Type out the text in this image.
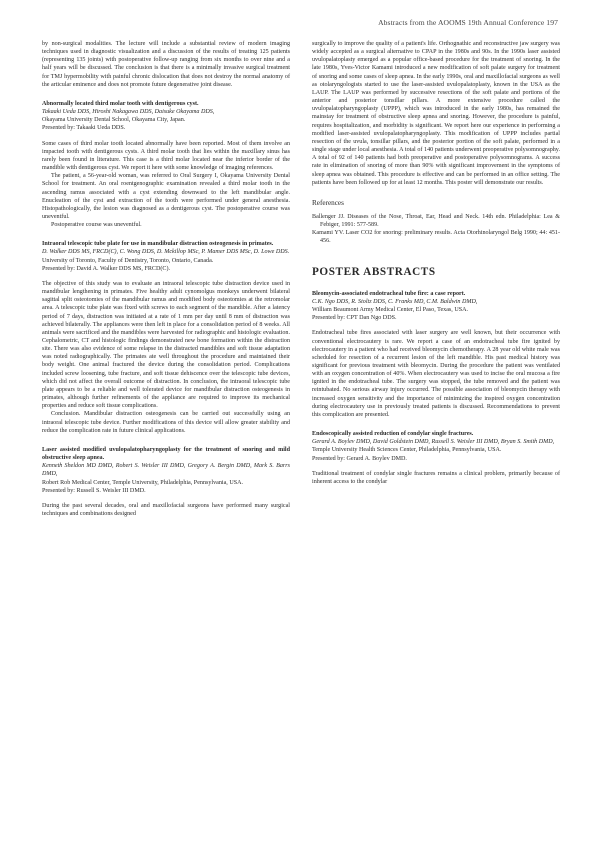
Abstracts from the AOOMS 19th Annual Conference 197

by non-surgical modalities. The lecture will include a substantial review of modern imaging techniques used in diagnostic visualization and a discussion of the results of treating 125 patients (representing 135 joints) with postoperative follow-up ranging from six months to over nine and a half years will be discussed. The conclusion is that there is a minimally invasive surgical treatment for TMJ hypermobility with painful chronic dislocation that does not destroy the normal anatomy of the articular eminence and does not promote future degenerative joint disease.

Abnormally located third molar tooth with dentigerous cyst.

Takaaki Ueda DDS, Hiroshi Nakagawa DDS, Daisuke Okayama DDS,

Okayama University Dental School, Okayama City, Japan.

Presented by: Takaaki Ueda DDS.

Some cases of third molar tooth located abnormally have been reported. Most of them involve an impacted tooth with dentigerous cysts. A third molar tooth that lies within the maxillary sinus has rarely been found in literature. This case is a third molar located near the inferior border of the mandible with dentigerous cyst. We report it here with some knowledge of imaging references.

The patient, a 56-year-old woman, was referred to Oral Surgery I, Okayama University Dental School for treatment. An oral roentgenographic examination revealed a third molar tooth in the ascending ramus associated with a cyst extending downward to the left mandibular angle. Enucleation of the cyst and extraction of the tooth were performed under general anesthesia. Histopathologically, the lesion was diagnosed as a dentigerous cyst. The postoperative course was uneventful.

Postoperative course was uneventful.

Intraoral telescopic tube plate for use in mandibular distraction osteogenesis in primates.

D. Walker DDS MS, FRCD(C), C. Wong DDS, D. Mckillop MSc, P. Mamer DDS MSc, D. Lowe DDS.

University of Toronto, Faculty of Dentistry, Toronto, Ontario, Canada.

Presented by: David A. Walker DDS MS, FRCD(C).

The objective of this study was to evaluate an intraoral telescopic tube distraction device used in mandibular lengthening in primates. Five healthy adult cynomolgus monkeys underwent bilateral sagittal split osteotomies of the mandibular ramus and modified body osteotomies at the retromolar area. A telescopic tube plate was fixed with screws to each segment of the mandible. After a latency period of 7 days, distraction was initiated at a rate of 1 mm per day until 8 mm of distraction was achieved bilaterally. The appliances were then left in place for a consolidation period of 8 weeks. All animals were sacrificed and the mandibles were harvested for radiographic and histologic evaluation. Cephalometric, CT and histologic findings demonstrated new bone formation within the distraction site. There was also evidence of some relapse in the distracted mandibles and soft tissue adaptation was noted radiographically. The primates ate well throughout the procedure and maintained their body weight. One animal fractured the device during the consolidation period. Complications included screw loosening, tube fracture, and soft tissue dehiscence over the telescopic tube devices, which did not affect the overall outcome of distraction. In conclusion, the intraoral telescopic tube plate appears to be a reliable and well tolerated device for mandibular distraction osteogenesis in primates, although further refinements of the appliance are required to improve its mechanical properties and reduce soft tissue complications.

Conclusion. Mandibular distraction osteogenesis can be carried out successfully using an intraoral telescopic tube device. Further modifications of this device will allow greater stability and reduce the complication rate in future clinical applications.

Laser assisted modified uvulopalatopharyngoplasty for the treatment of snoring and mild obstructive sleep apnea.

Kenneth Sheldon MD DMD, Robert S. Weisler III DMD, Gregory A. Bergin DMD, Mark S. Barrs DMD,

Robert Rob Medical Center, Temple University, Philadelphia, Pennsylvania, USA.

Presented by: Russell S. Weisler III DMD.

During the past several decades, oral and maxillofacial surgeons have performed many surgical techniques and combinations designed

surgically to improve the quality of a patient's life. Orthognathic and reconstructive jaw surgery was widely accepted as a surgical alternative to CPAP in the 1980s and 90s. In the 1990s laser assisted uvulopalatoplasty emerged as a popular office-based procedure for the treatment of snoring. In the late 1980s, Yves-Victor Kamami introduced a new modification of soft palate surgery for treatment of snoring and some cases of sleep apnea. In the early 1990s, oral and maxillofacial surgeons as well as otolaryngologists started to use the laser-assisted uvulopalatoplasty, known in the USA as the LAUP. The LAUP was performed by successive resections of the soft palate and portions of the anterior and posterior tonsillar pillars. A more extensive procedure called the uvulopalatopharyngoplasty (UPPP), which was introduced in the early 1980s, has remained the mainstay for treatment of obstructive sleep apnea and snoring. However, the procedure is painful, requires hospitalization, and morbidity is significant. We report here our experience in performing a modified laser-assisted uvulopalatopharyngoplasty. This modification of UPPP includes partial resection of the uvula, tonsillar pillars, and the posterior portion of the soft palate, performed in a single stage under local anesthesia. A total of 140 patients underwent preoperative polysomnography. A total of 92 of 140 patients had both preoperative and postoperative polysomnograms. A success rate in elimination of snoring of more than 90% with significant improvement in the symptoms of sleep apnea was obtained. This procedure is effective and can be performed in an office setting. The patients have been followed up for at least 12 months. This poster will demonstrate our results.

References

Ballenger JJ. Diseases of the Nose, Throat, Ear, Head and Neck. 14th edn. Philadelphia: Lea & Febiger, 1991: 577-589.

Kamami YV. Laser CO2 for snoring: preliminary results. Acta Otorhinolaryngol Belg 1990; 44: 451-456.

POSTER ABSTRACTS

Bleomycin-associated endotracheal tube fire: a case report.

C.K. Ngo DDS, R. Stoltz DDS, C. Franks MD, C.M. Baldwin DMD,

William Beaumont Army Medical Center, El Paso, Texas, USA.

Presented by: CPT Dan Ngo DDS.

Endotracheal tube fires associated with laser surgery are well known, but their occurrence with conventional electrocautery is rare. We report a case of an endotracheal tube fire ignited by electrocautery in a patient who had received bleomycin chemotherapy. A 28 year old white male was scheduled for resection of a recurrent lesion of the left mandible. His past medical history was significant for previous treatment with bleomycin. During the procedure the patient was ventilated with an oxygen concentration of 40%. When electrocautery was used to incise the oral mucosa a fire ignited in the endotracheal tube. The surgery was stopped, the tube removed and the patient was reintubated. No serious airway injury occurred. The possible association of bleomycin therapy with increased oxygen sensitivity and the importance of minimizing the inspired oxygen concentration during electrocautery use in previously treated patients is discussed. Recommendations to prevent this complication are presented.

Endoscopically assisted reduction of condylar single fractures.

Gerard A. Boylev DMD, David Goldstein DMD, Russell S. Weisler III DMD, Bryan S. Smith DMD,

Temple University Health Sciences Center, Philadelphia, Pennsylvania, USA.

Presented by: Gerard A. Boylev DMD.

Traditional treatment of condylar single fractures remains a clinical problem, primarily because of inherent access to the condylar
